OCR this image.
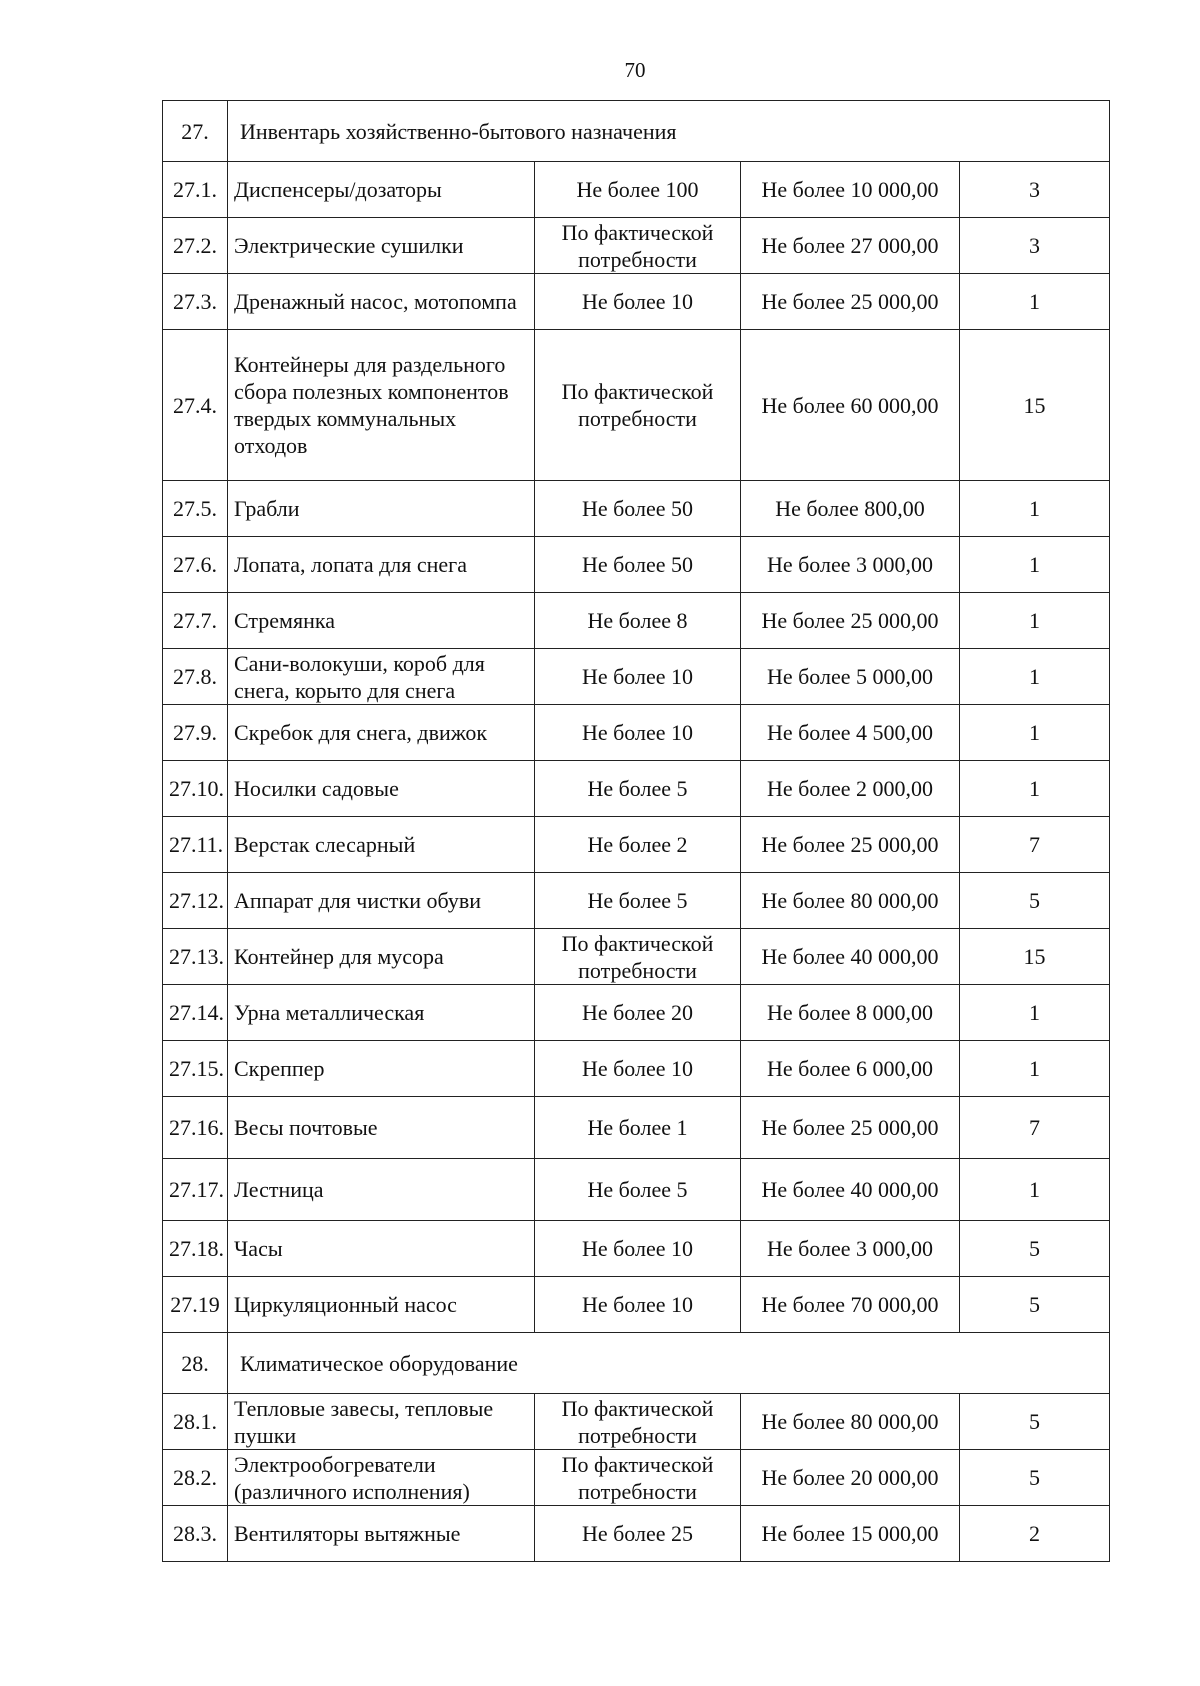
70
27.	Инвентарь хозяйственно-бытового назначения			
27.1.	Диспенсеры/дозаторы	Не более 100	Не более 10 000,00	3
27.2.	Электрические сушилки	По фактической потребности	Не более 27 000,00	3
27.3.	Дренажный насос, мотопомпа	Не более 10	Не более 25 000,00	1
27.4.	Контейнеры для раздельного сбора полезных компонентов твердых коммунальных отходов	По фактической потребности	Не более 60 000,00	15
27.5.	Грабли	Не более 50	Не более 800,00	1
27.6.	Лопата, лопата для снега	Не более 50	Не более 3 000,00	1
27.7.	Стремянка	Не более 8	Не более 25 000,00	1
27.8.	Сани-волокуши, короб для снега, корыто для снега	Не более 10	Не более 5 000,00	1
27.9.	Скребок для снега, движок	Не более 10	Не более 4 500,00	1
27.10.	Носилки садовые	Не более 5	Не более 2 000,00	1
27.11.	Верстак слесарный	Не более 2	Не более 25 000,00	7
27.12.	Аппарат для чистки обуви	Не более 5	Не более 80 000,00	5
27.13.	Контейнер для мусора	По фактической потребности	Не более 40 000,00	15
27.14.	Урна металлическая	Не более 20	Не более 8 000,00	1
27.15.	Скреппер	Не более 10	Не более 6 000,00	1
27.16.	Весы почтовые	Не более 1	Не более 25 000,00	7
27.17.	Лестница	Не более 5	Не более 40 000,00	1
27.18.	Часы	Не более 10	Не более 3 000,00	5
27.19	Циркуляционный насос	Не более 10	Не более 70 000,00	5
28.	Климатическое оборудование			
28.1.	Тепловые завесы, тепловые пушки	По фактической потребности	Не более 80 000,00	5
28.2.	Электрообогреватели (различного исполнения)	По фактической потребности	Не более 20 000,00	5
28.3.	Вентиляторы вытяжные	Не более 25	Не более 15 000,00	2
